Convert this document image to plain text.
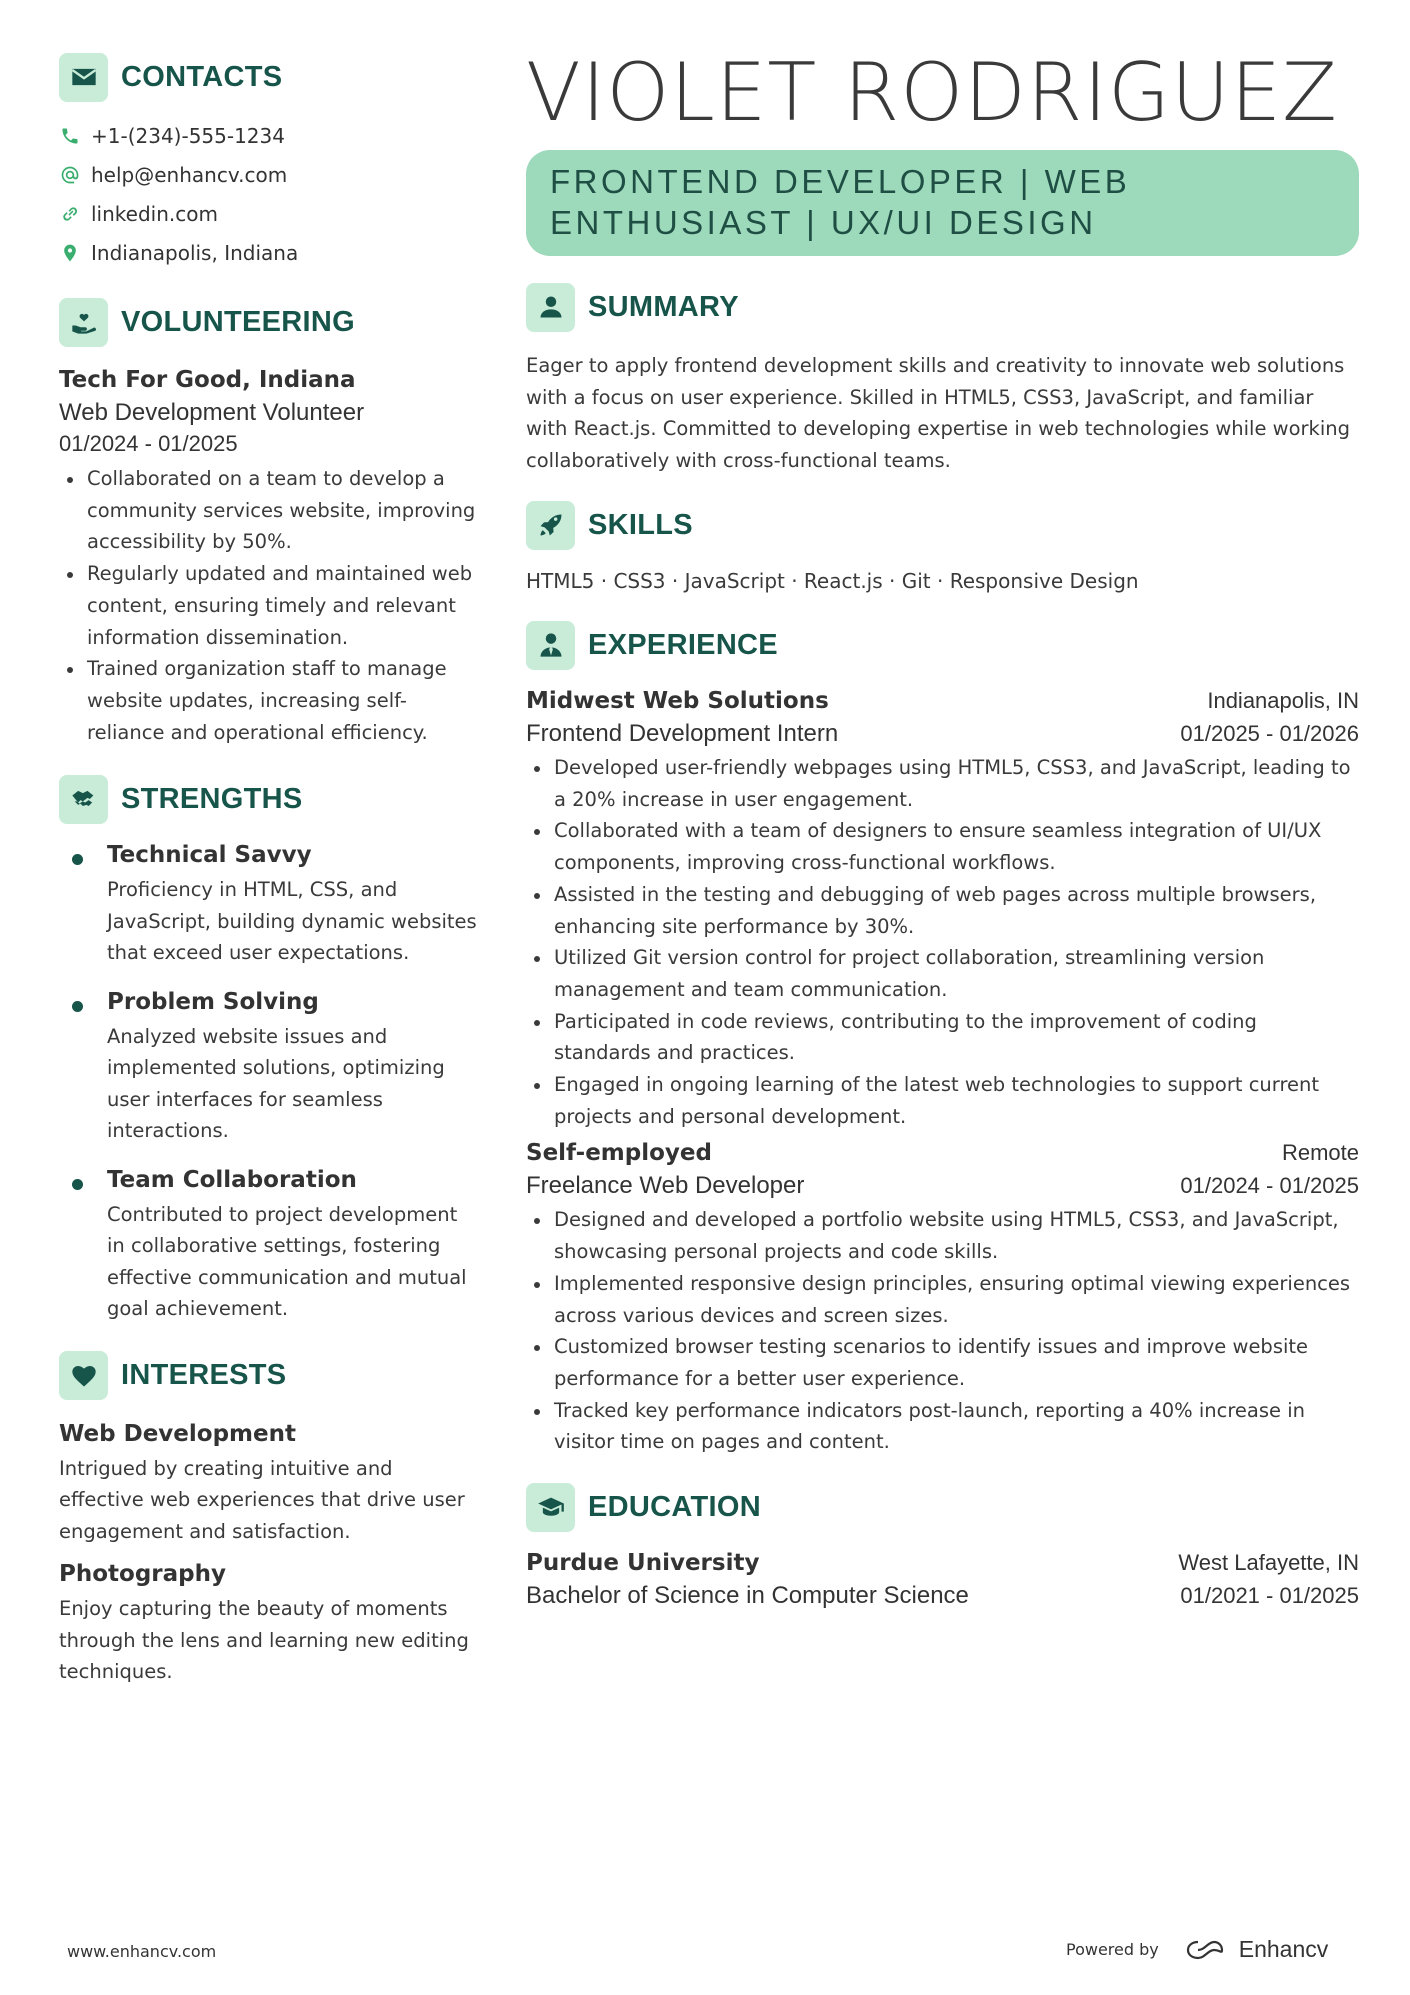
CONTACTS
+1-(234)-555-1234
help@enhancv.com
linkedin.com
Indianapolis, Indiana
VOLUNTEERING
Tech For Good, Indiana
Web Development Volunteer
01/2024 - 01/2025
Collaborated on a team to develop a community services website, improving accessibility by 50%.
Regularly updated and maintained web content, ensuring timely and relevant information dissemination.
Trained organization staff to manage website updates, increasing self-reliance and operational efficiency.
STRENGTHS
Technical Savvy
Proficiency in HTML, CSS, and JavaScript, building dynamic websites that exceed user expectations.
Problem Solving
Analyzed website issues and implemented solutions, optimizing user interfaces for seamless interactions.
Team Collaboration
Contributed to project development in collaborative settings, fostering effective communication and mutual goal achievement.
INTERESTS
Web Development
Intrigued by creating intuitive and effective web experiences that drive user engagement and satisfaction.
Photography
Enjoy capturing the beauty of moments through the lens and learning new editing techniques.
VIOLET RODRIGUEZ
FRONTEND DEVELOPER | WEB
ENTHUSIAST | UX/UI DESIGN
SUMMARY
Eager to apply frontend development skills and creativity to innovate web solutions with a focus on user experience. Skilled in HTML5, CSS3, JavaScript, and familiar with React.js. Committed to developing expertise in web technologies while working collaboratively with cross-functional teams.
SKILLS
HTML5 · CSS3 · JavaScript · React.js · Git · Responsive Design
EXPERIENCE
Midwest Web Solutions	Indianapolis, IN
Frontend Development Intern	01/2025 - 01/2026
Developed user-friendly webpages using HTML5, CSS3, and JavaScript, leading to a 20% increase in user engagement.
Collaborated with a team of designers to ensure seamless integration of UI/UX components, improving cross-functional workflows.
Assisted in the testing and debugging of web pages across multiple browsers, enhancing site performance by 30%.
Utilized Git version control for project collaboration, streamlining version management and team communication.
Participated in code reviews, contributing to the improvement of coding standards and practices.
Engaged in ongoing learning of the latest web technologies to support current projects and personal development.
Self-employed	Remote
Freelance Web Developer	01/2024 - 01/2025
Designed and developed a portfolio website using HTML5, CSS3, and JavaScript, showcasing personal projects and code skills.
Implemented responsive design principles, ensuring optimal viewing experiences across various devices and screen sizes.
Customized browser testing scenarios to identify issues and improve website performance for a better user experience.
Tracked key performance indicators post-launch, reporting a 40% increase in visitor time on pages and content.
EDUCATION
Purdue University	West Lafayette, IN
Bachelor of Science in Computer Science	01/2021 - 01/2025
www.enhancv.com	Powered by	Enhancv
